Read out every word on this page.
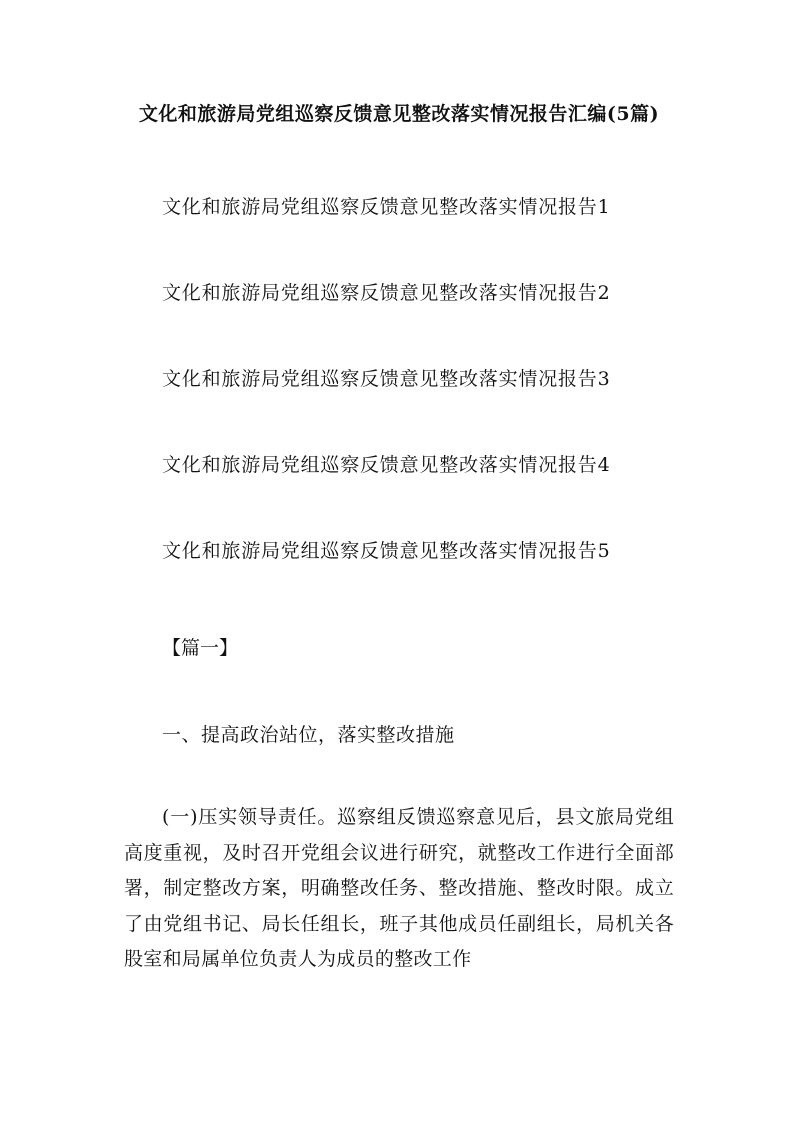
文化和旅游局党组巡察反馈意见整改落实情况报告汇编(5篇)
文化和旅游局党组巡察反馈意见整改落实情况报告1
文化和旅游局党组巡察反馈意见整改落实情况报告2
文化和旅游局党组巡察反馈意见整改落实情况报告3
文化和旅游局党组巡察反馈意见整改落实情况报告4
文化和旅游局党组巡察反馈意见整改落实情况报告5
【篇一】
一、提高政治站位，落实整改措施

(一)压实领导责任。巡察组反馈巡察意见后，县文旅局党组高度重视，及时召开党组会议进行研究，就整改工作进行全面部署，制定整改方案，明确整改任务、整改措施、整改时限。成立了由党组书记、局长任组长，班子其他成员任副组长，局机关各股室和局属单位负责人为成员的整改工作
